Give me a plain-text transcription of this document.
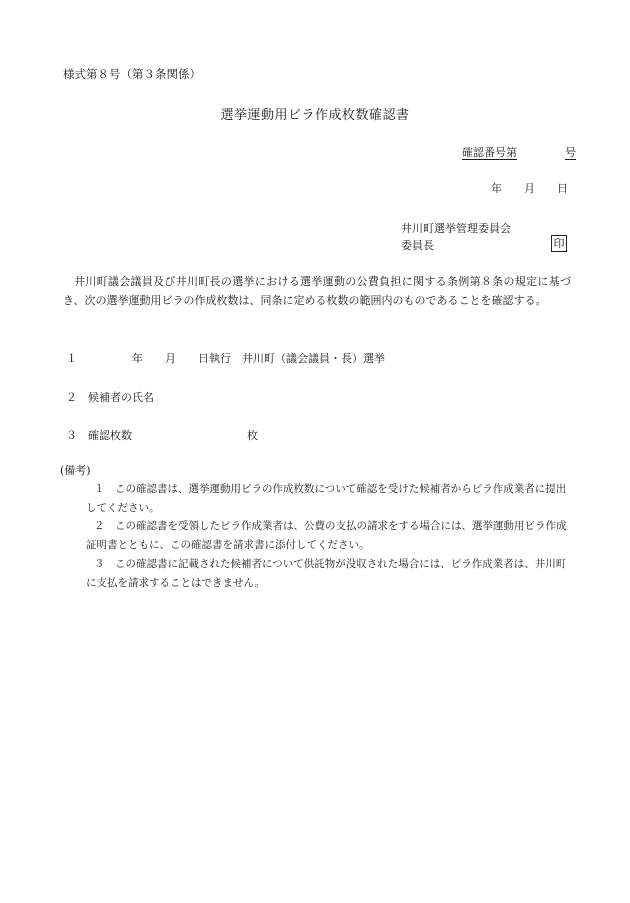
様式第８号（第３条関係）
選挙運動用ビラ作成枚数確認書
確認番号第	号
年 月 日
井川町選挙管理委員会
委員長	印
井川町議会議員及び井川町長の選挙における選挙運動の公費負担に関する条例第８条の規定に基づき、次の選挙運動用ビラの作成枚数は、同条に定める枚数の範囲内のものであることを確認する。
１	年 月 日執行　井川町（議会議員・長）選挙
２　 候補者の氏名
３　 確認枚数	枚
(備考)
１　 この確認書は、選挙運動用ビラの作成枚数について確認を受けた候補者からビラ作成業者に提出してください。
２　 この確認書を受領したビラ作成業者は、公費の支払の請求をする場合には、選挙運動用ビラ作成証明書とともに、この確認書を請求書に添付してください。
３　 この確認書に記載された候補者について供託物が没収された場合には、ビラ作成業者は、井川町に支払を請求することはできません。
